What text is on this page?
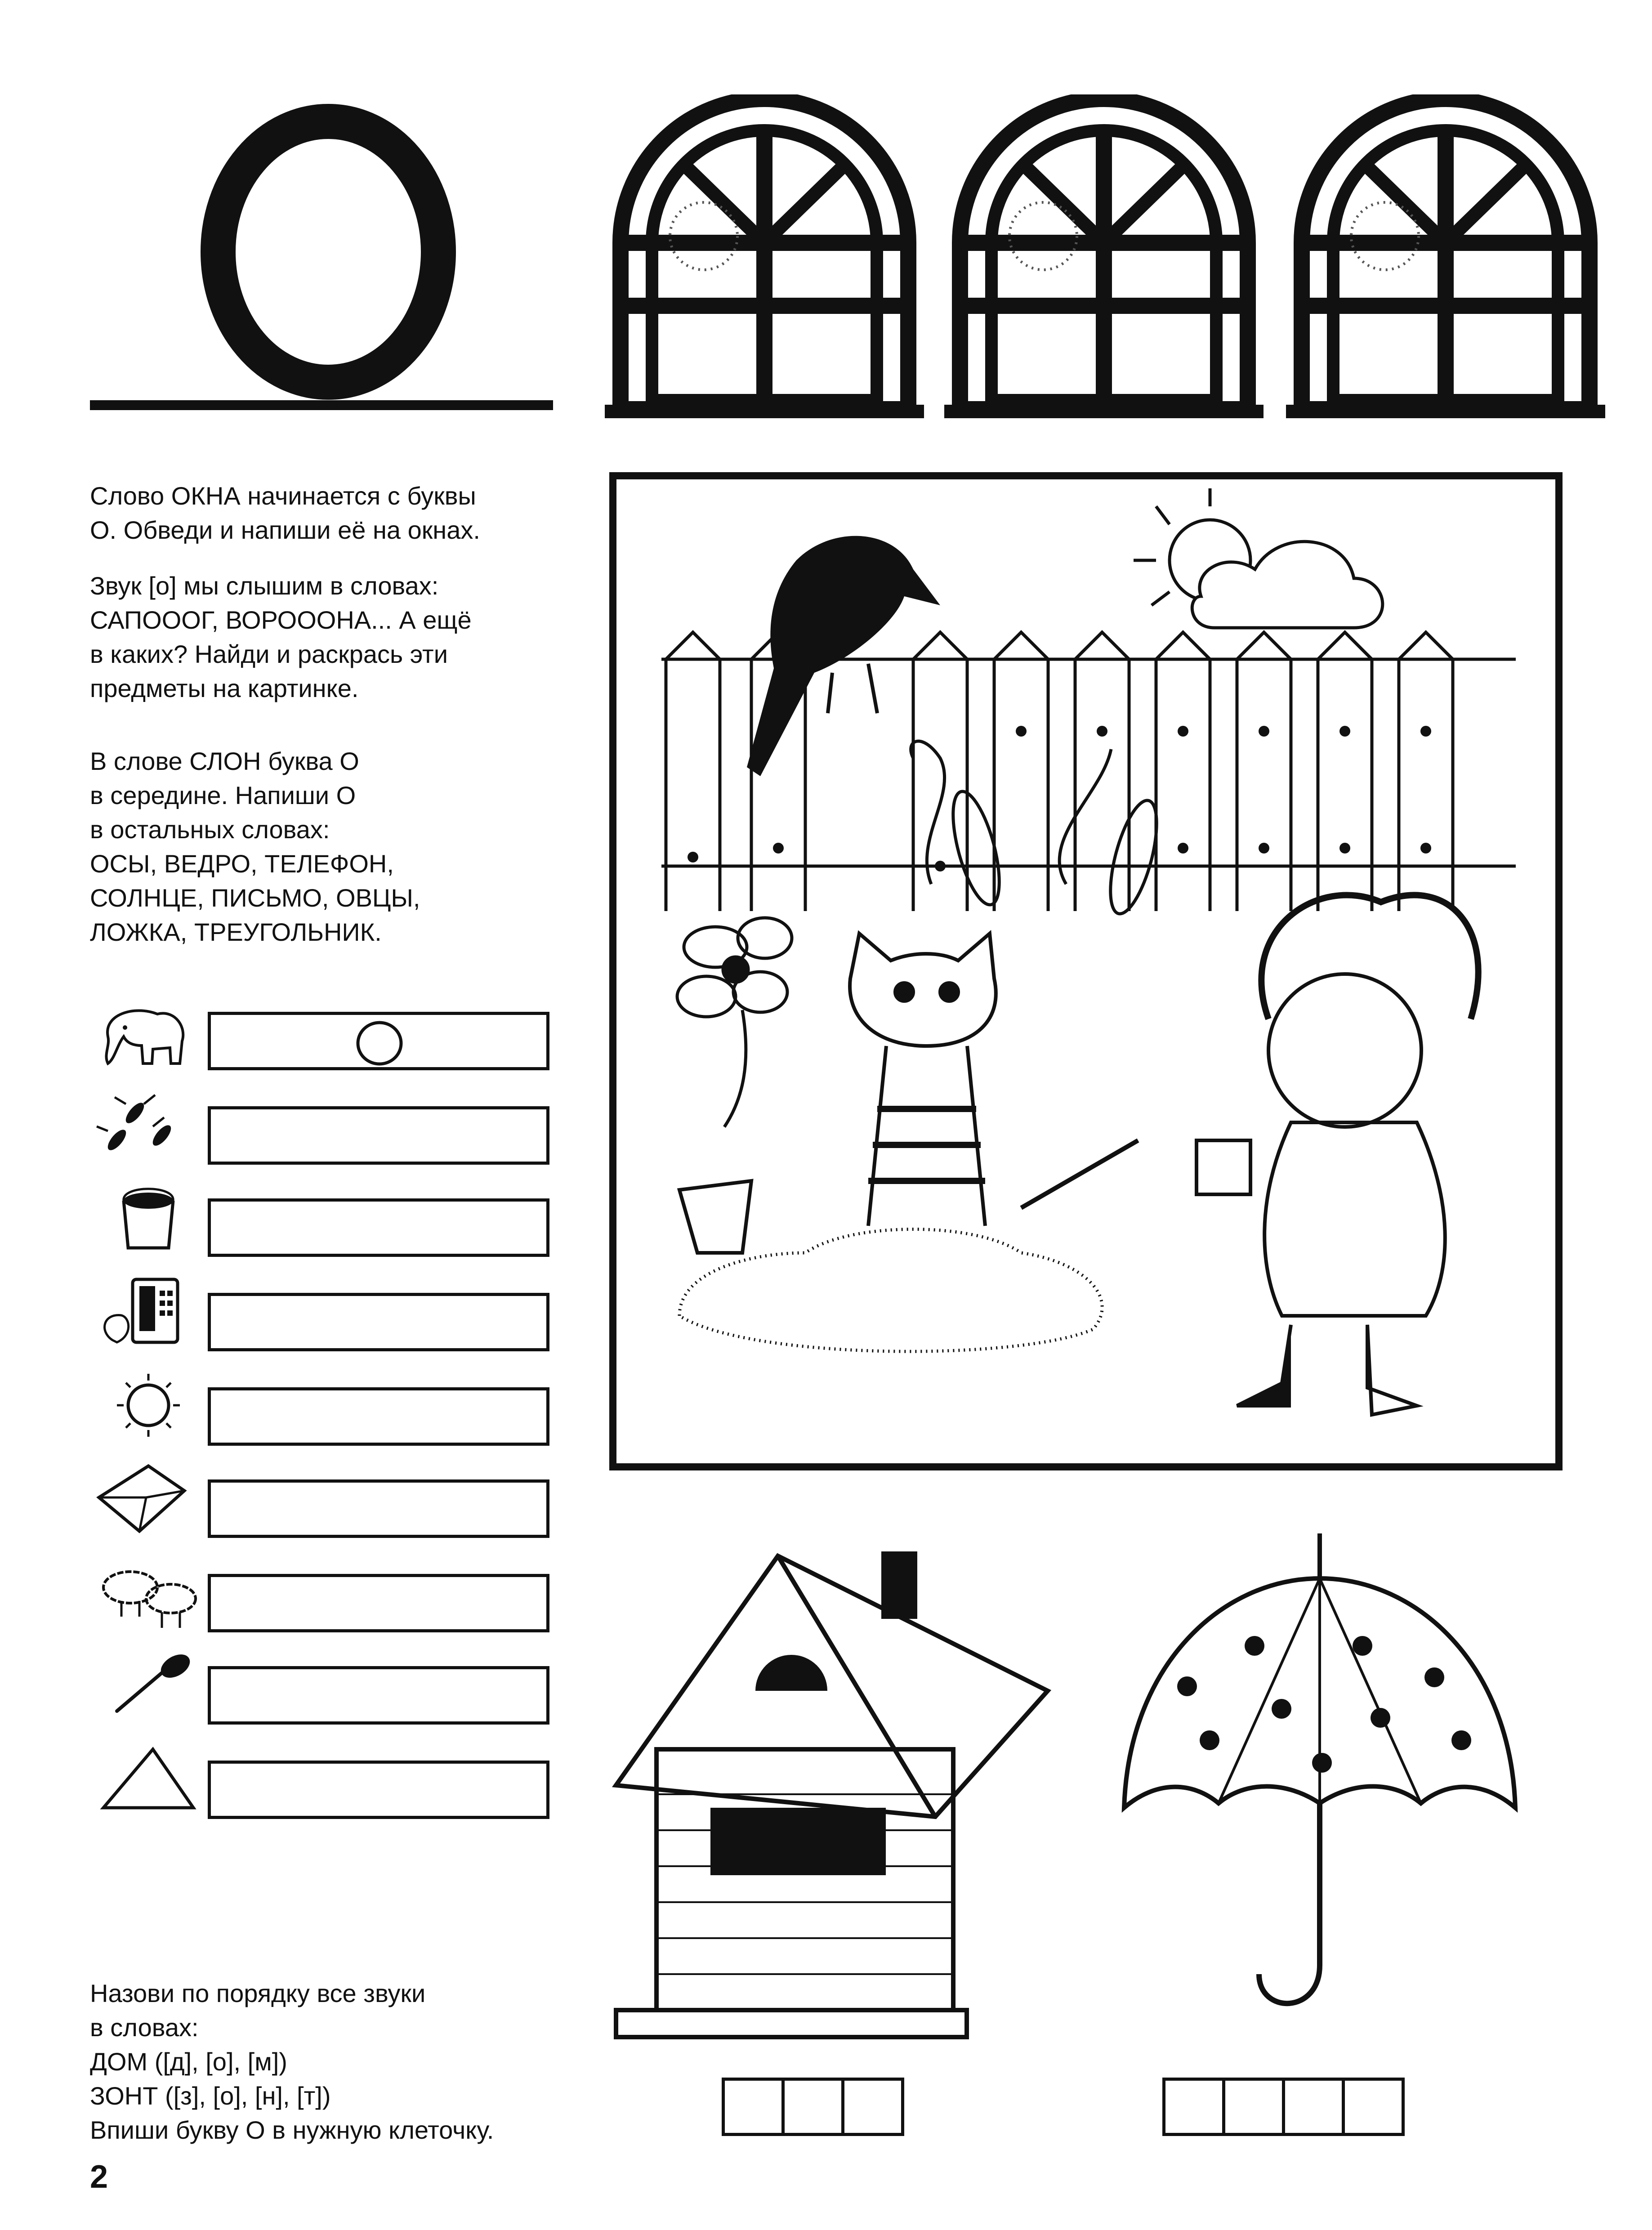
Слово ОКНА начинается с буквы
О. Обведи и напиши её на окнах.
Звук [о] мы слышим в словах:
САПОООГ, ВОРОООНА... А ещё
в каких? Найди и раскрась эти
предметы на картинке.
В слове СЛОН буква О
в середине. Напиши О
в остальных словах:
ОСЫ, ВЕДРО, ТЕЛЕФОН,
СОЛНЦЕ, ПИСЬМО, ОВЦЫ,
ЛОЖКА, ТРЕУГОЛЬНИК.
Назови по порядку все звуки
в словах:
ДОМ ([д], [о], [м])
ЗОНТ ([з], [о], [н], [т])
Впиши букву О в нужную клеточку.
2
